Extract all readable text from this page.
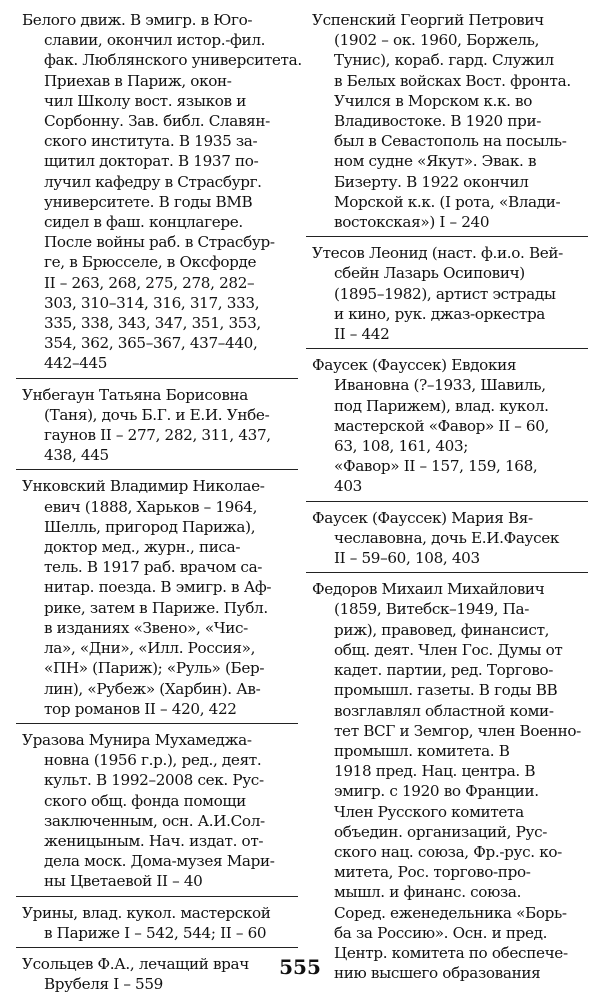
Белого движ. В эмигр. в Юго-
славии, окончил истор.-фил.
фак. Люблянского университета.
Приехав в Париж, окон-
чил Школу вост. языков и
Сорбонну. Зав. библ. Славян-
ского института. В 1935 за-
щитил докторат. В 1937 по-
лучил кафедру в Страсбург.
университете. В годы ВМВ
сидел в фаш. концлагере.
После войны раб. в Страсбур-
ге, в Брюсселе, в Оксфорде
II – 263, 268, 275, 278, 282–
303, 310–314, 316, 317, 333,
335, 338, 343, 347, 351, 353,
354, 362, 365–367, 437–440,
442–445

Унбегаун Татьяна Борисовна
(Таня), дочь Б.Г. и Е.И. Унбе-
гаунов II – 277, 282, 311, 437,
438, 445

Унковский Владимир Николае-
евич (1888, Харьков – 1964,
Шелль, пригород Парижа),
доктор мед., журн., писа-
тель. В 1917 раб. врачом са-
нитар. поезда. В эмигр. в Аф-
рике, затем в Париже. Публ.
в изданиях «Звено», «Чис-
ла», «Дни», «Илл. Россия»,
«ПН» (Париж); «Руль» (Бер-
лин), «Рубеж» (Харбин). Ав-
тор романов II – 420, 422

Уразова Мунира Мухамеджа-
новна (1956 г.р.), ред., деят.
культ. В 1992–2008 сек. Рус-
ского общ. фонда помощи
заключенным, осн. А.И.Сол-
женицыным. Нач. издат. от-
дела моск. Дома-музея Мари-
ны Цветаевой II – 40

Урины, влад. кукол. мастерской
в Париже I – 542, 544; II – 60

Усольцев Ф.А., лечащий врач
Врубеля I – 559

Успенский Георгий Петрович
(1902 – ок. 1960, Боржель,
Тунис), кораб. гард. Служил
в Белых войсках Вост. фронта.
Учился в Морском к.к. во
Владивостоке. В 1920 при-
был в Севастополь на посыль-
ном судне «Якут». Эвак. в
Бизерту. В 1922 окончил
Морской к.к. (I рота, «Влади-
востокская») I – 240

Утесов Леонид (наст. ф.и.о. Вей-
сбейн Лазарь Осипович)
(1895–1982), артист эстрады
и кино, рук. джаз-оркестра
II – 442

Фаусек (Фауссек) Евдокия
Ивановна (?–1933, Шавиль,
под Парижем), влад. кукол.
мастерской «Фавор» II – 60,
63, 108, 161, 403;
«Фавор» II – 157, 159, 168,
403

Фаусек (Фауссек) Мария Вя-
чеславовна, дочь Е.И.Фаусек
II – 59–60, 108, 403

Федоров Михаил Михайлович
(1859, Витебск–1949, Па-
риж), правовед, финансист,
общ. деят. Член Гос. Думы от
кадет. партии, ред. Торгово-
промышл. газеты. В годы ВВ
возглавлял областной коми-
тет ВСГ и Земгор, член Военно-
промышл. комитета. В
1918 пред. Нац. центра. В
эмигр. с 1920 во Франции.
Член Русского комитета
объедин. организаций, Рус-
ского нац. союза, Фр.-рус. ко-
митета, Рос. торгово-про-
мышл. и финанс. союза.
Соред. еженедельника «Борь-
ба за Россию». Осн. и пред.
Центр. комитета по обеспече-
нию высшего образования

555
